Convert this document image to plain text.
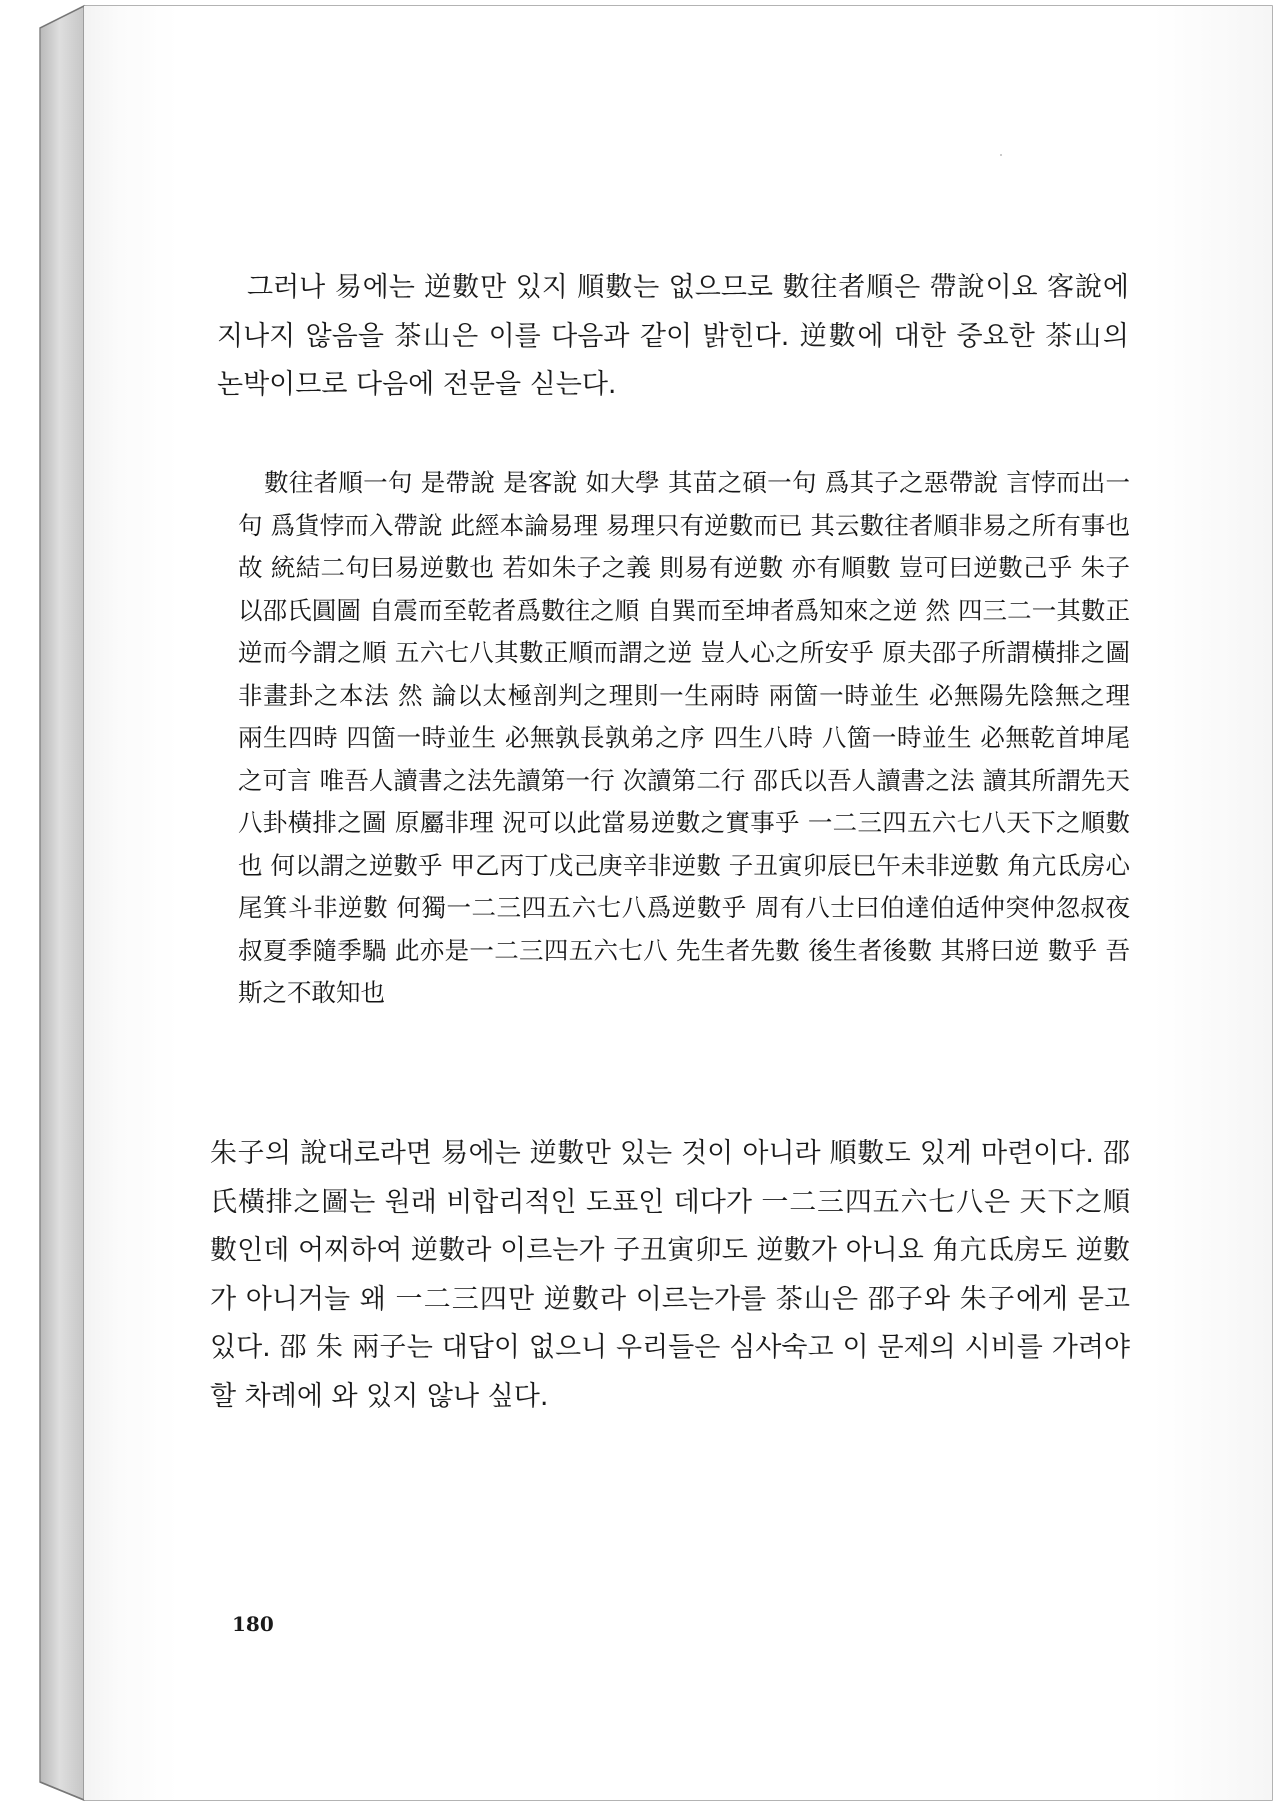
그러나 易에는 逆數만 있지 順數는 없으므로 數往者順은 帶說이요 客說에 지나지 않음을 茶山은 이를 다음과 같이 밝힌다. 逆數에 대한 중요한 茶山의 논박이므로 다음에 전문을 싣는다.

數往者順一句 是帶說 是客說 如大學 其苗之碩一句 爲其子之惡帶說 言悖而出一句 爲貨悖而入帶說 此經本論易理 易理只有逆數而已 其云數往者順非易之所有事也 故 統結二句曰易逆數也 若如朱子之義 則易有逆數 亦有順數 豈可曰逆數己乎 朱子以邵氏圓圖 自震而至乾者爲數往之順 自巽而至坤者爲知來之逆 然 四三二一其數正逆而今謂之順 五六七八其數正順而謂之逆 豈人心之所安乎 原夫邵子所謂橫排之圖 非畫卦之本法 然 論以太極剖判之理則一生兩時 兩箇一時並生 必無陽先陰無之理 兩生四時 四箇一時並生 必無孰長孰弟之序 四生八時 八箇一時並生 必無乾首坤尾之可言 唯吾人讀書之法先讀第一行 次讀第二行 邵氏以吾人讀書之法 讀其所謂先天八卦橫排之圖 原屬非理 況可以此當易逆數之實事乎 一二三四五六七八天下之順數也 何以謂之逆數乎 甲乙丙丁戊己庚辛非逆數 子丑寅卯辰巳午未非逆數 角亢氐房心尾箕斗非逆數 何獨一二三四五六七八爲逆數乎 周有八士曰伯達伯适仲突仲忽叔夜叔夏季隨季騧 此亦是一二三四五六七八 先生者先數 後生者後數 其將曰逆 數乎 吾斯之不敢知也

朱子의 說대로라면 易에는 逆數만 있는 것이 아니라 順數도 있게 마련이다. 邵氏橫排之圖는 원래 비합리적인 도표인 데다가 一二三四五六七八은 天下之順數인데 어찌하여 逆數라 이르는가 子丑寅卯도 逆數가 아니요 角亢氐房도 逆數가 아니거늘 왜 一二三四만 逆數라 이르는가를 茶山은 邵子와 朱子에게 묻고 있다. 邵 朱 兩子는 대답이 없으니 우리들은 심사숙고 이 문제의 시비를 가려야 할 차례에 와 있지 않나 싶다.

180
